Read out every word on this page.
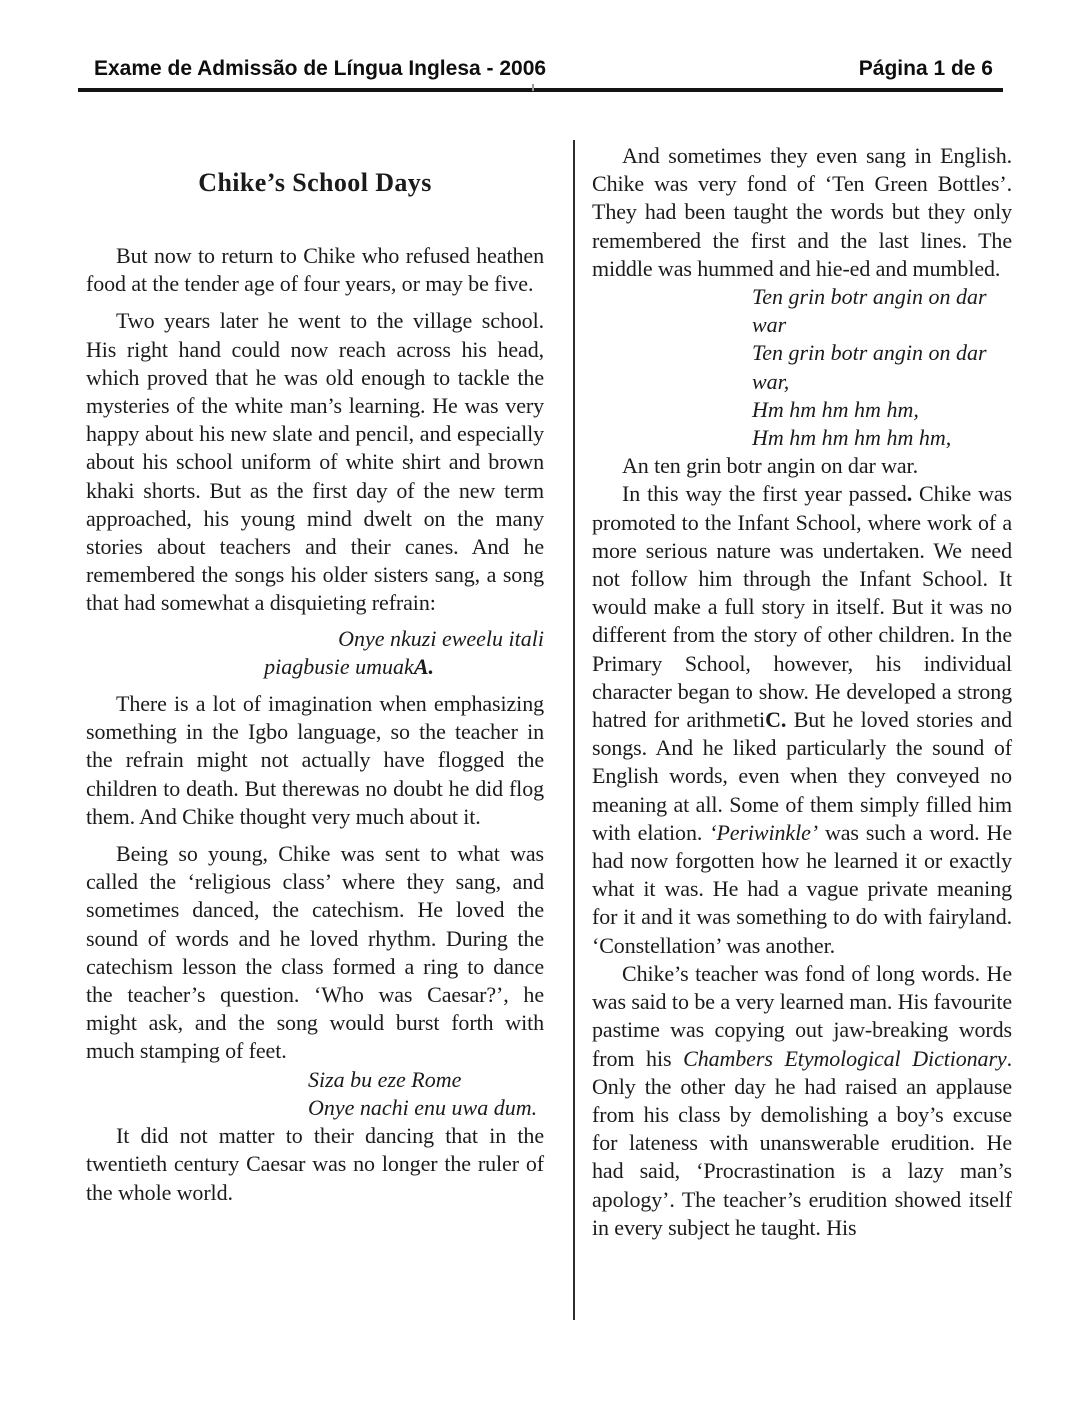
Exame de Admissão de Língua Inglesa - 2006	Página 1 de 6
Chike’s School Days

But now to return to Chike who refused heathen food at the tender age of four years, or may be five.

Two years later he went to the village school. His right hand could now reach across his head, which proved that he was old enough to tackle the mysteries of the white man’s learning. He was very happy about his new slate and pencil, and especially about his school uniform of white shirt and brown khaki shorts. But as the first day of the new term approached, his young mind dwelt on the many stories about teachers and their canes. And he remembered the songs his older sisters sang, a song that had somewhat a disquieting refrain:

Onye nkuzi eweelu itali
piagbusie umuakA.

There is a lot of imagination when emphasizing something in the Igbo language, so the teacher in the refrain might not actually have flogged the children to death. But therewas no doubt he did flog them. And Chike thought very much about it.

Being so young, Chike was sent to what was called the ‘religious class’ where they sang, and sometimes danced, the catechism. He loved the sound of words and he loved rhythm. During the catechism lesson the class formed a ring to dance the teacher’s question. ‘Who was Caesar?’, he might ask, and the song would burst forth with much stamping of feet.

Siza bu eze Rome
Onye nachi enu uwa dum.

It did not matter to their dancing that in the twentieth century Caesar was no longer the ruler of the whole world.

And sometimes they even sang in English. Chike was very fond of ‘Ten Green Bottles’. They had been taught the words but they only remembered the first and the last lines. The middle was hummed and hie-ed and mumbled.

Ten grin botr angin on dar war
Ten grin botr angin on dar war,
Hm hm hm hm hm,
Hm hm hm hm hm hm,

An ten grin botr angin on dar war.

In this way the first year passed. Chike was promoted to the Infant School, where work of a more serious nature was undertaken. We need not follow him through the Infant School. It would make a full story in itself. But it was no different from the story of other children. In the Primary School, however, his individual character began to show. He developed a strong hatred for arithmetiC. But he loved stories and songs. And he liked particularly the sound of English words, even when they conveyed no meaning at all. Some of them simply filled him with elation. ‘Periwinkle’ was such a word. He had now forgotten how he learned it or exactly what it was. He had a vague private meaning for it and it was something to do with fairyland. ‘Constellation’ was another.

Chike’s teacher was fond of long words. He was said to be a very learned man. His favourite pastime was copying out jaw-breaking words from his Chambers Etymological Dictionary. Only the other day he had raised an applause from his class by demolishing a boy’s excuse for lateness with unanswerable erudition. He had said, ‘Procrastination is a lazy man’s apology’. The teacher’s erudition showed itself in every subject he taught. His
